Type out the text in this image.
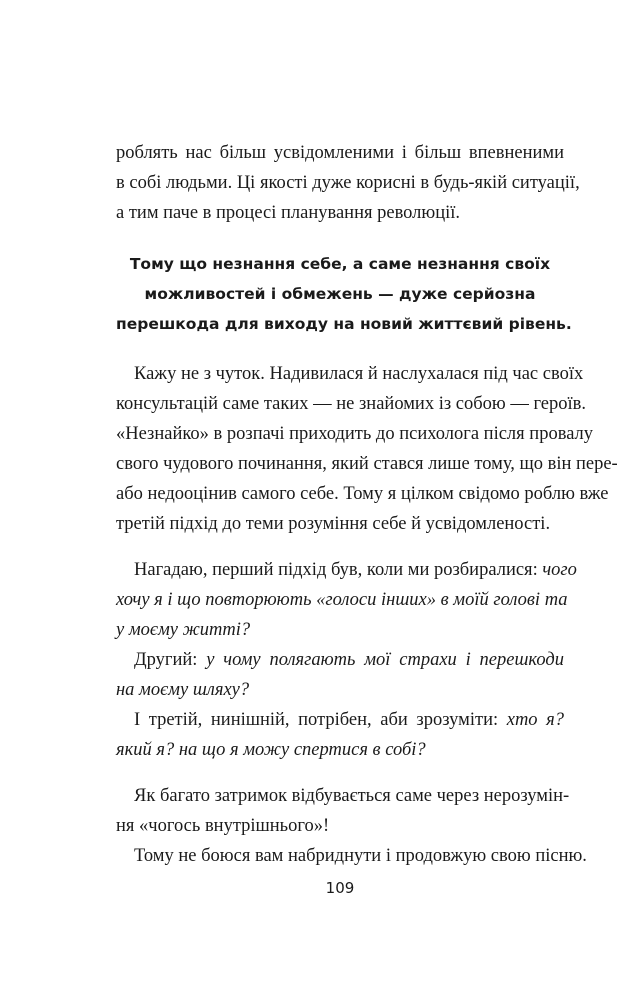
роблять нас більш усвідомленими і більш впевненими
в собі людьми. Ці якості дуже корисні в будь-якій ситуації,
а тим паче в процесі планування революції.
Тому що незнання себе, а саме незнання своїх
можливостей і обмежень — дуже серйозна
перешкода для виходу на новий життєвий рівень.
Кажу не з чуток. Надивилася й наслухалася під час своїх
консультацій саме таких — не знайомих із собою — героїв.
«Незнайко» в розпачі приходить до психолога після провалу
свого чудового починання, який стався лише тому, що він пере-
або недооцінив самого себе. Тому я цілком свідомо роблю вже
третій підхід до теми розуміння себе й усвідомленості.
Нагадаю, перший підхід був, коли ми розбиралися: чого
хочу я і що повторюють «голоси інших» в моїй голові та
у моєму житті?
Другий: у чому полягають мої страхи і перешкоди
на моєму шляху?
І третій, нинішній, потрібен, аби зрозуміти: хто я?
який я? на що я можу спертися в собі?
Як багато затримок відбувається саме через нерозумін-
ня «чогось внутрішнього»!
Тому не боюся вам набриднути і продовжую свою пісню.
109
